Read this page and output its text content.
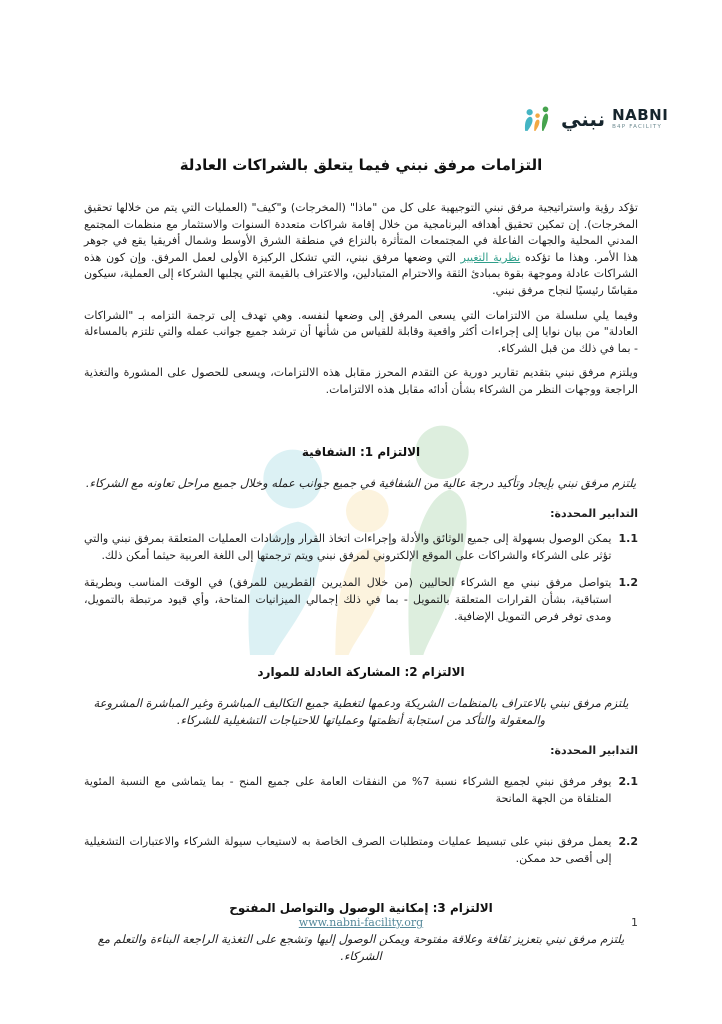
نبني NABNI
B4P FACILITY
التزامات مرفق نبني فيما يتعلق بالشراكات العادلة

تؤكد رؤية واستراتيجية مرفق نبني التوجيهية على كل من "ماذا" (المخرجات) و"كيف" (العمليات التي يتم من خلالها تحقيق المخرجات). إن تمكين تحقيق أهدافه البرنامجية من خلال إقامة شراكات متعددة السنوات والاستثمار مع منظمات المجتمع المدني المحلية والجهات الفاعلة في المجتمعات المتأثرة بالنزاع في منطقة الشرق الأوسط وشمال أفريقيا يقع في جوهر هذا الأمر. وهذا ما تؤكده نظرية التغيير التي وضعها مرفق نبني، التي تشكل الركيزة الأولى لعمل المرفق. وإن كون هذه الشراكات عادلة وموجهة بقوة بمبادئ الثقة والاحترام المتبادلين، والاعتراف بالقيمة التي يجلبها الشركاء إلى العملية، سيكون مقياسًا رئيسيًا لنجاح مرفق نبني.

وفيما يلي سلسلة من الالتزامات التي يسعى المرفق إلى وضعها لنفسه. وهي تهدف إلى ترجمة التزامه بـ "الشراكات العادلة" من بيان نوايا إلى إجراءات أكثر واقعية وقابلة للقياس من شأنها أن ترشد جميع جوانب عمله والتي تلتزم بالمساءلة - بما في ذلك من قبل الشركاء.

ويلتزم مرفق نبني بتقديم تقارير دورية عن التقدم المحرز مقابل هذه الالتزامات، ويسعى للحصول على المشورة والتغذية الراجعة ووجهات النظر من الشركاء بشأن أدائه مقابل هذه الالتزامات.

الالتزام 1: الشفافية

يلتزم مرفق نبني بإيجاد وتأكيد درجة عالية من الشفافية في جميع جوانب عمله وخلال جميع مراحل تعاونه مع الشركاء.

التدابير المحددة:
1.1
يمكن الوصول بسهولة إلى جميع الوثائق والأدلة وإجراءات اتخاذ القرار وإرشادات العمليات المتعلقة بمرفق نبني والتي تؤثر على الشركاء والشراكات على الموقع الإلكتروني لمرفق نبني ويتم ترجمتها إلى اللغة العربية حيثما أمكن ذلك.
1.2
يتواصل مرفق نبني مع الشركاء الحاليين (من خلال المديرين القطريين للمرفق) في الوقت المناسب وبطريقة استباقية، بشأن القرارات المتعلقة بالتمويل - بما في ذلك إجمالي الميزانيات المتاحة، وأي قيود مرتبطة بالتمويل، ومدى توفر فرص التمويل الإضافية.
الالتزام 2: المشاركة العادلة للموارد

يلتزم مرفق نبني بالاعتراف بالمنظمات الشريكة ودعمها لتغطية جميع التكاليف المباشرة وغير المباشرة المشروعة والمعقولة والتأكد من استجابة أنظمتها وعملياتها للاحتياجات التشغيلية للشركاء.

التدابير المحددة:
2.1
يوفر مرفق نبني لجميع الشركاء نسبة 7% من النفقات العامة على جميع المنح - بما يتماشى مع النسبة المئوية المتلقاة من الجهة المانحة
2.2
يعمل مرفق نبني على تبسيط عمليات ومتطلبات الصرف الخاصة به لاستيعاب سيولة الشركاء والاعتبارات التشغيلية إلى أقصى حد ممكن.
الالتزام 3: إمكانية الوصول والتواصل المفتوح

يلتزم مرفق نبني بتعزيز ثقافة وعلاقة مفتوحة ويمكن الوصول إليها وتشجع على التغذية الراجعة البناءة والتعلم مع الشركاء.

www.nabni-facility.org	1
